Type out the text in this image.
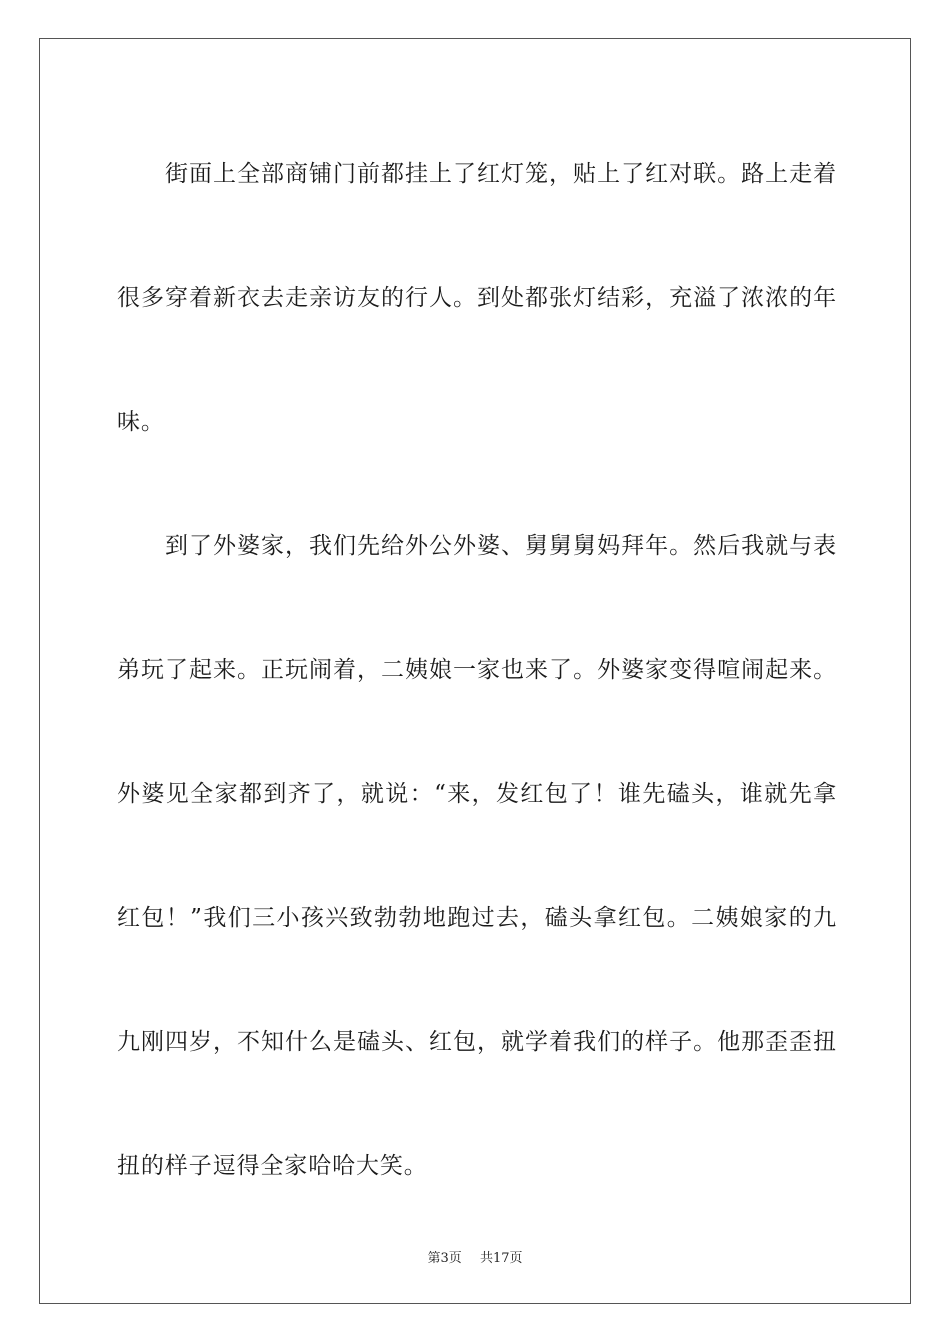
街面上全部商铺门前都挂上了红灯笼，贴上了红对联。路上走着很多穿着新衣去走亲访友的行人。到处都张灯结彩，充溢了浓浓的年味。

到了外婆家，我们先给外公外婆、舅舅舅妈拜年。然后我就与表弟玩了起来。正玩闹着，二姨娘一家也来了。外婆家变得喧闹起来。外婆见全家都到齐了，就说：“来，发红包了！谁先磕头，谁就先拿红包！”我们三小孩兴致勃勃地跑过去，磕头拿红包。二姨娘家的九九刚四岁，不知什么是磕头、红包，就学着我们的样子。他那歪歪扭扭的样子逗得全家哈哈大笑。

第3页 共17页
